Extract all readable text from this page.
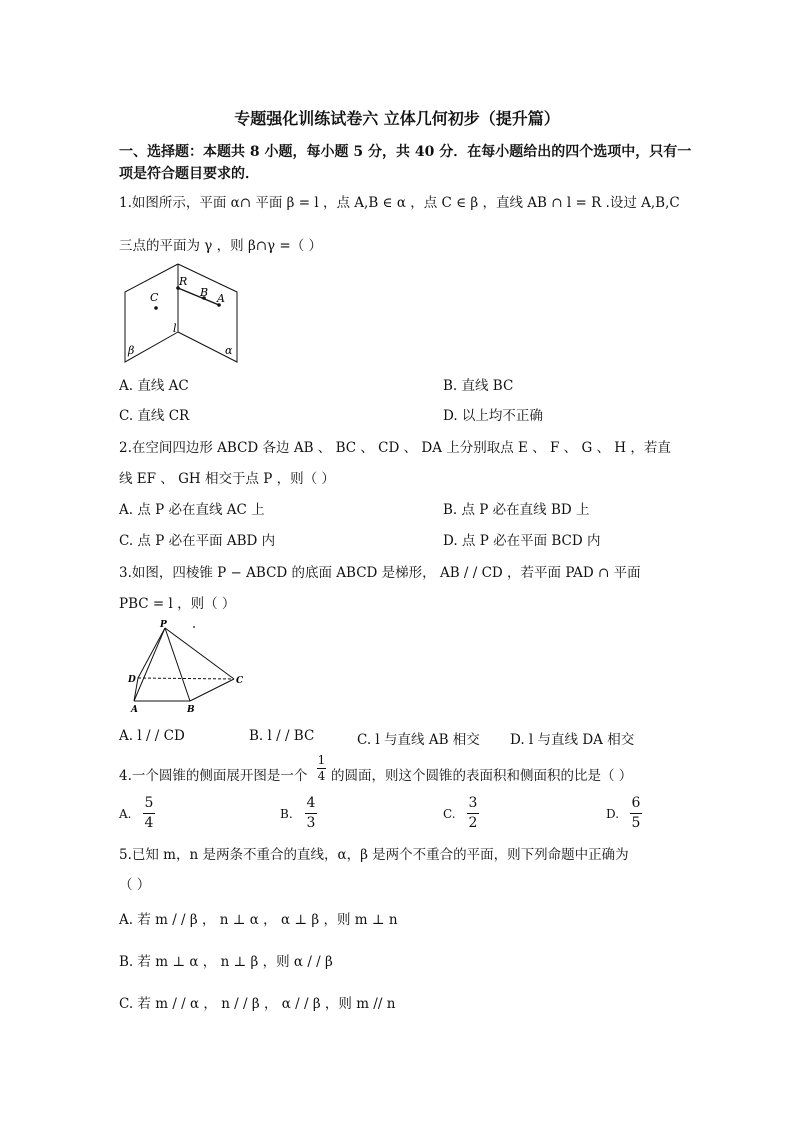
专题强化训练试卷六 立体几何初步（提升篇）
一、选择题：本题共 8 小题，每小题 5 分，共 40 分．在每小题给出的四个选项中，只有一
项是符合题目要求的．
1.如图所示，平面 α∩ 平面 β = l ，点 A,B ∈ α ，点 C ∈ β ，直线 AB ∩ l = R .设过 A,B,C
三点的平面为 γ ，则 β∩γ =（ ）
R
B A
C
l
β	α
A. 直线 AC	B. 直线 BC
C. 直线 CR	D. 以上均不正确
2.在空间四边形 ABCD 各边 AB 、 BC 、 CD 、 DA 上分别取点 E 、 F 、 G 、 H ，若直
线 EF 、 GH 相交于点 P ，则（ ）
A. 点 P 必在直线 AC 上	B. 点 P 必在直线 BD 上
C. 点 P 必在平面 ABD 内	D. 点 P 必在平面 BCD 内
3.如图，四棱锥 P − ABCD 的底面 ABCD 是梯形， AB / / CD ，若平面 PAD ∩ 平面
PBC = l ，则（ ）
P
D	C
A	B
A. l / / CD	B. l / / BC	C. l 与直线 AB 相交 D. l 与直线 DA 相交
4.一个圆锥的侧面展开图是一个
1
4 的圆面，则这个圆锥的表面积和侧面积的比是（ ）
A.
5
4
B.
4
3
C.
3
2
D.
6
5
5.已知 m，n 是两条不重合的直线，α，β 是两个不重合的平面，则下列命题中正确为
（ ）
A. 若 m / / β ， n ⊥ α ， α ⊥ β ，则 m ⊥ n
B. 若 m ⊥ α ， n ⊥ β ，则 α / / β
C. 若 m / / α ， n / / β ， α / / β ，则 m // n
